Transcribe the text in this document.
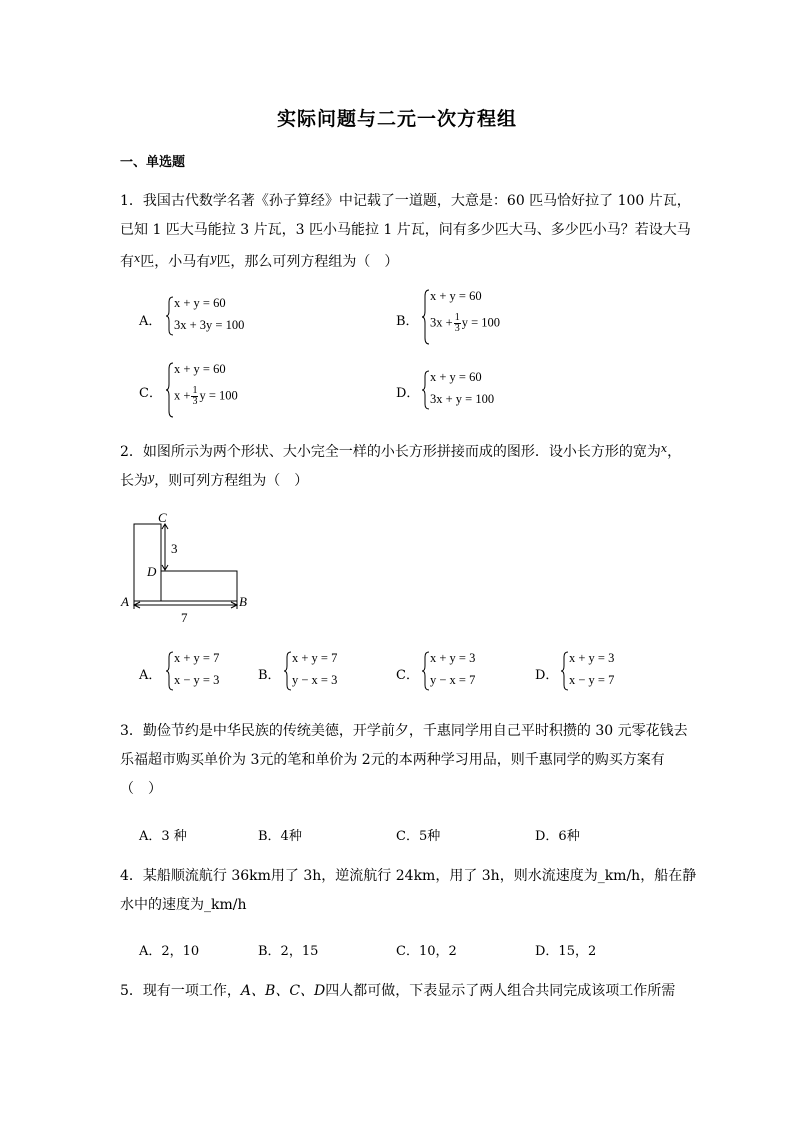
实际问题与二元一次方程组
一、单选题
1．我国古代数学名著《孙子算经》中记载了一道题，大意是：60 匹马恰好拉了 100 片瓦，
已知 1 匹大马能拉 3 片瓦，3 匹小马能拉 1 片瓦，问有多少匹大马、多少匹小马？若设大马
有$^x$匹，小马有$^y$匹，那么可列方程组为（　）
A．
x + y = 60
3x + 3y = 100	B．
x + y = 60
$3x + \frac{1}{3}$ y = 100
C．
x + y = 60
$x + \frac{1}{3}$ y = 100	D．
x + y = 60
3x + y = 100
2．如图所示为两个形状、大小完全一样的小长方形拼接而成的图形．设小长方形的宽为$^x$，
长为$^y$，则可列方程组为（　）
C
D
A	B
3
7
A．
x + y = 7
x − y = 3	B．
x + y = 7
y − x = 3	C．
x + y = 3
y − x = 7	D．
x + y = 3
x − y = 7
3．勤俭节约是中华民族的传统美德，开学前夕，千惠同学用自己平时积攒的 30 元零花钱去
乐福超市购买单价为 3元的笔和单价为 2元的本两种学习用品，则千惠同学的购买方案有
（　）
A．3 种	B．4种	C．5种	D．6种
4．某船顺流航行 36km用了 3h，逆流航行 24km，用了 3h，则水流速度为_km/h，船在静
水中的速度为_km/h
A．2，10	B．2，15	C．10，2	D．15，2
5．现有一项工作，A、B、C、D四人都可做，下表显示了两人组合共同完成该项工作所需
